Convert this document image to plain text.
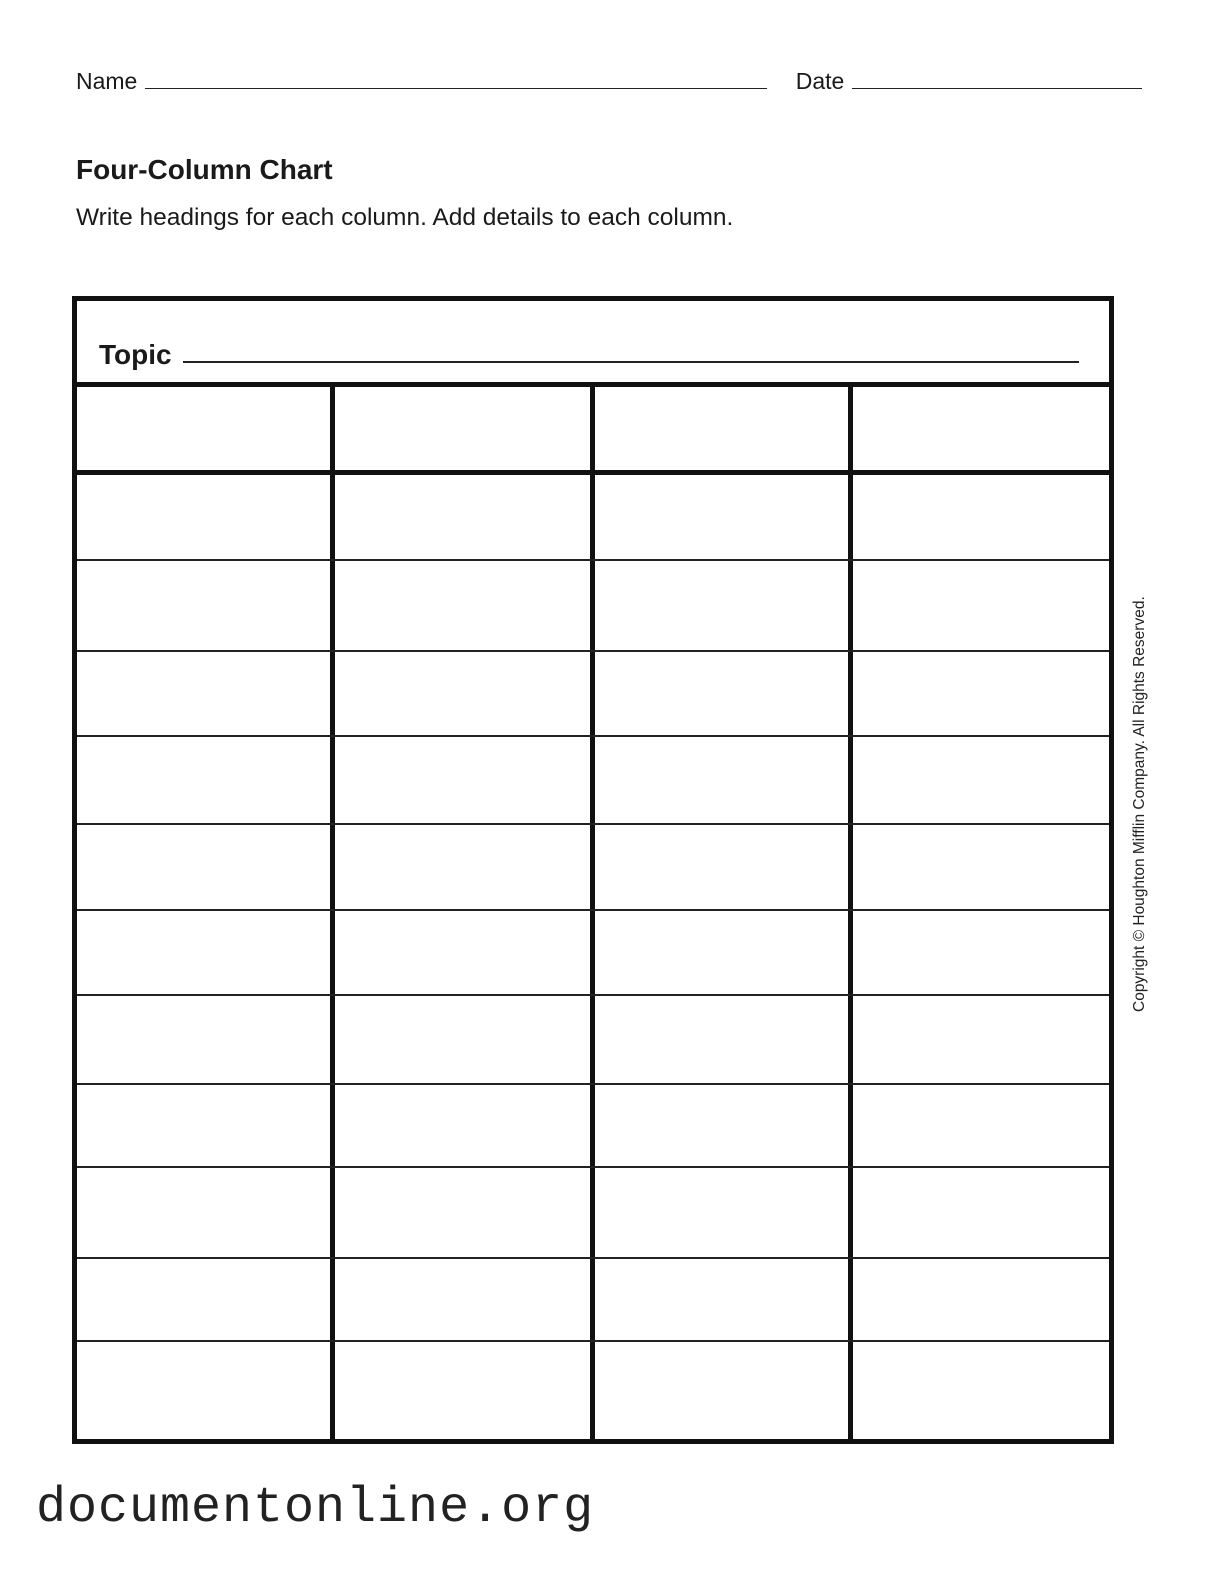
Name	Date
Four-Column Chart
Write headings for each column. Add details to each column.
Topic
Copyright © Houghton Mifflin Company. All Rights Reserved.
documentonline.org
